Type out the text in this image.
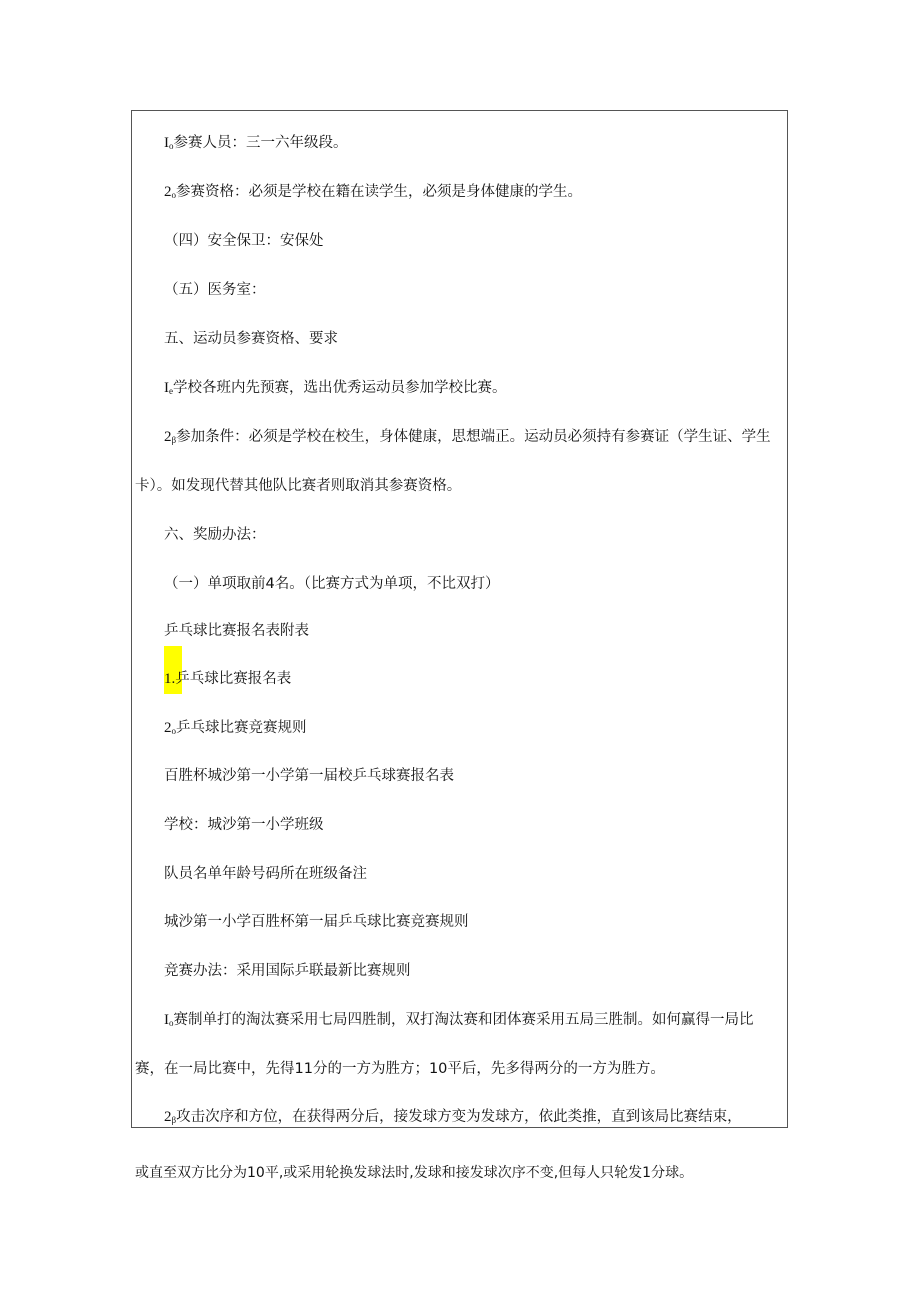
$I_o$参赛人员：三一六年级段。
$2_o$参赛资格：必须是学校在籍在读学生，必须是身体健康的学生。
（四）安全保卫：安保处
（五）医务室：
五、运动员参赛资格、要求
$I_e$学校各班内先预赛，选出优秀运动员参加学校比赛。
$2_\beta$参加条件：必须是学校在校生，身体健康，思想端正。运动员必须持有参赛证（学生证、学生
卡）。如发现代替其他队比赛者则取消其参赛资格。
六、奖励办法：
（一）单项取前4名。（比赛方式为单项，不比双打）
乒乓球比赛报名表附表
1.乒乓球比赛报名表
$2_o$乒乓球比赛竞赛规则
百胜杯城沙第一小学第一届校乒乓球赛报名表
学校：城沙第一小学班级
队员名单年龄号码所在班级备注
城沙第一小学百胜杯第一届乒乓球比赛竞赛规则
竞赛办法：采用国际乒联最新比赛规则
$I_o$赛制单打的淘汰赛采用七局四胜制，双打淘汰赛和团体赛采用五局三胜制。如何赢得一局比
赛，在一局比赛中，先得11分的一方为胜方；10平后，先多得两分的一方为胜方。
$2_\beta$攻击次序和方位，在获得两分后，接发球方变为发球方，依此类推，直到该局比赛结束，
或直至双方比分为10平,或采用轮换发球法时,发球和接发球次序不变,但每人只轮发1分球。
